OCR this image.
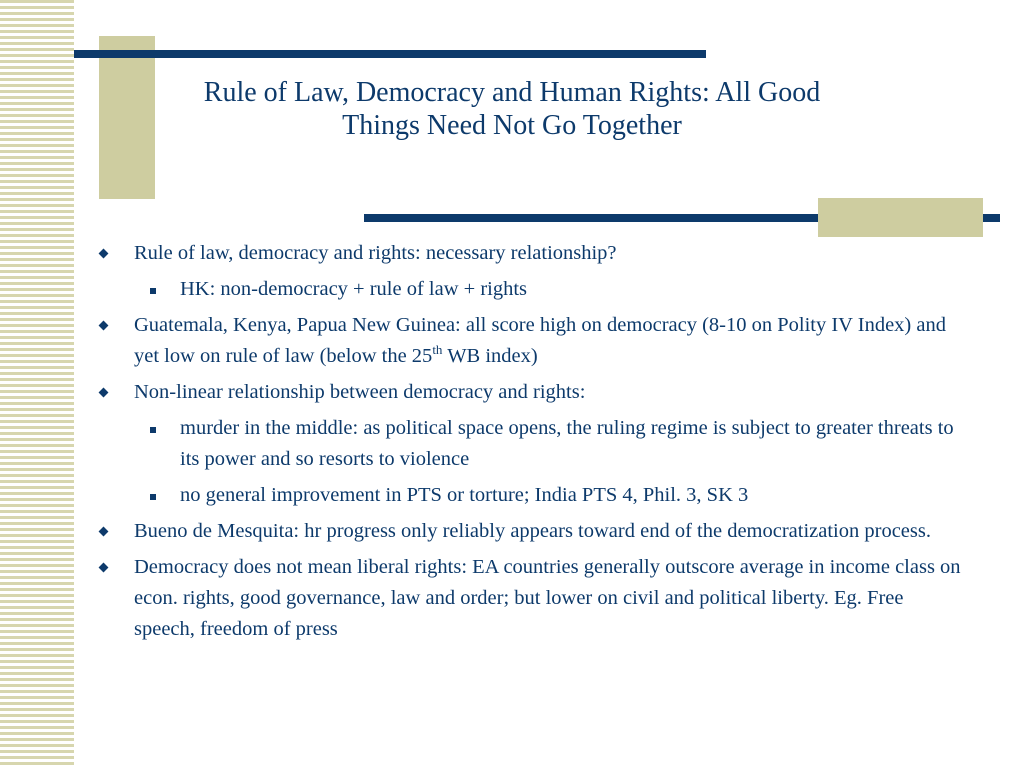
Rule of Law, Democracy and Human Rights: All Good
Things Need Not Go Together
Rule of law, democracy and rights: necessary relationship?
HK: non-democracy + rule of law + rights
Guatemala, Kenya, Papua New Guinea: all score high on democracy (8-10 on Polity IV Index) and yet low on rule of law (below the 25th WB index)
Non-linear relationship between democracy and rights:
murder in the middle: as political space opens, the ruling regime is subject to greater threats to its power and so resorts to violence
no general improvement in PTS or torture; India PTS 4, Phil. 3, SK 3
Bueno de Mesquita: hr progress only reliably appears toward end of the democratization process.
Democracy does not mean liberal rights: EA countries generally outscore average in income class on econ. rights, good governance, law and order; but lower on civil and political liberty. Eg. Free speech, freedom of press
